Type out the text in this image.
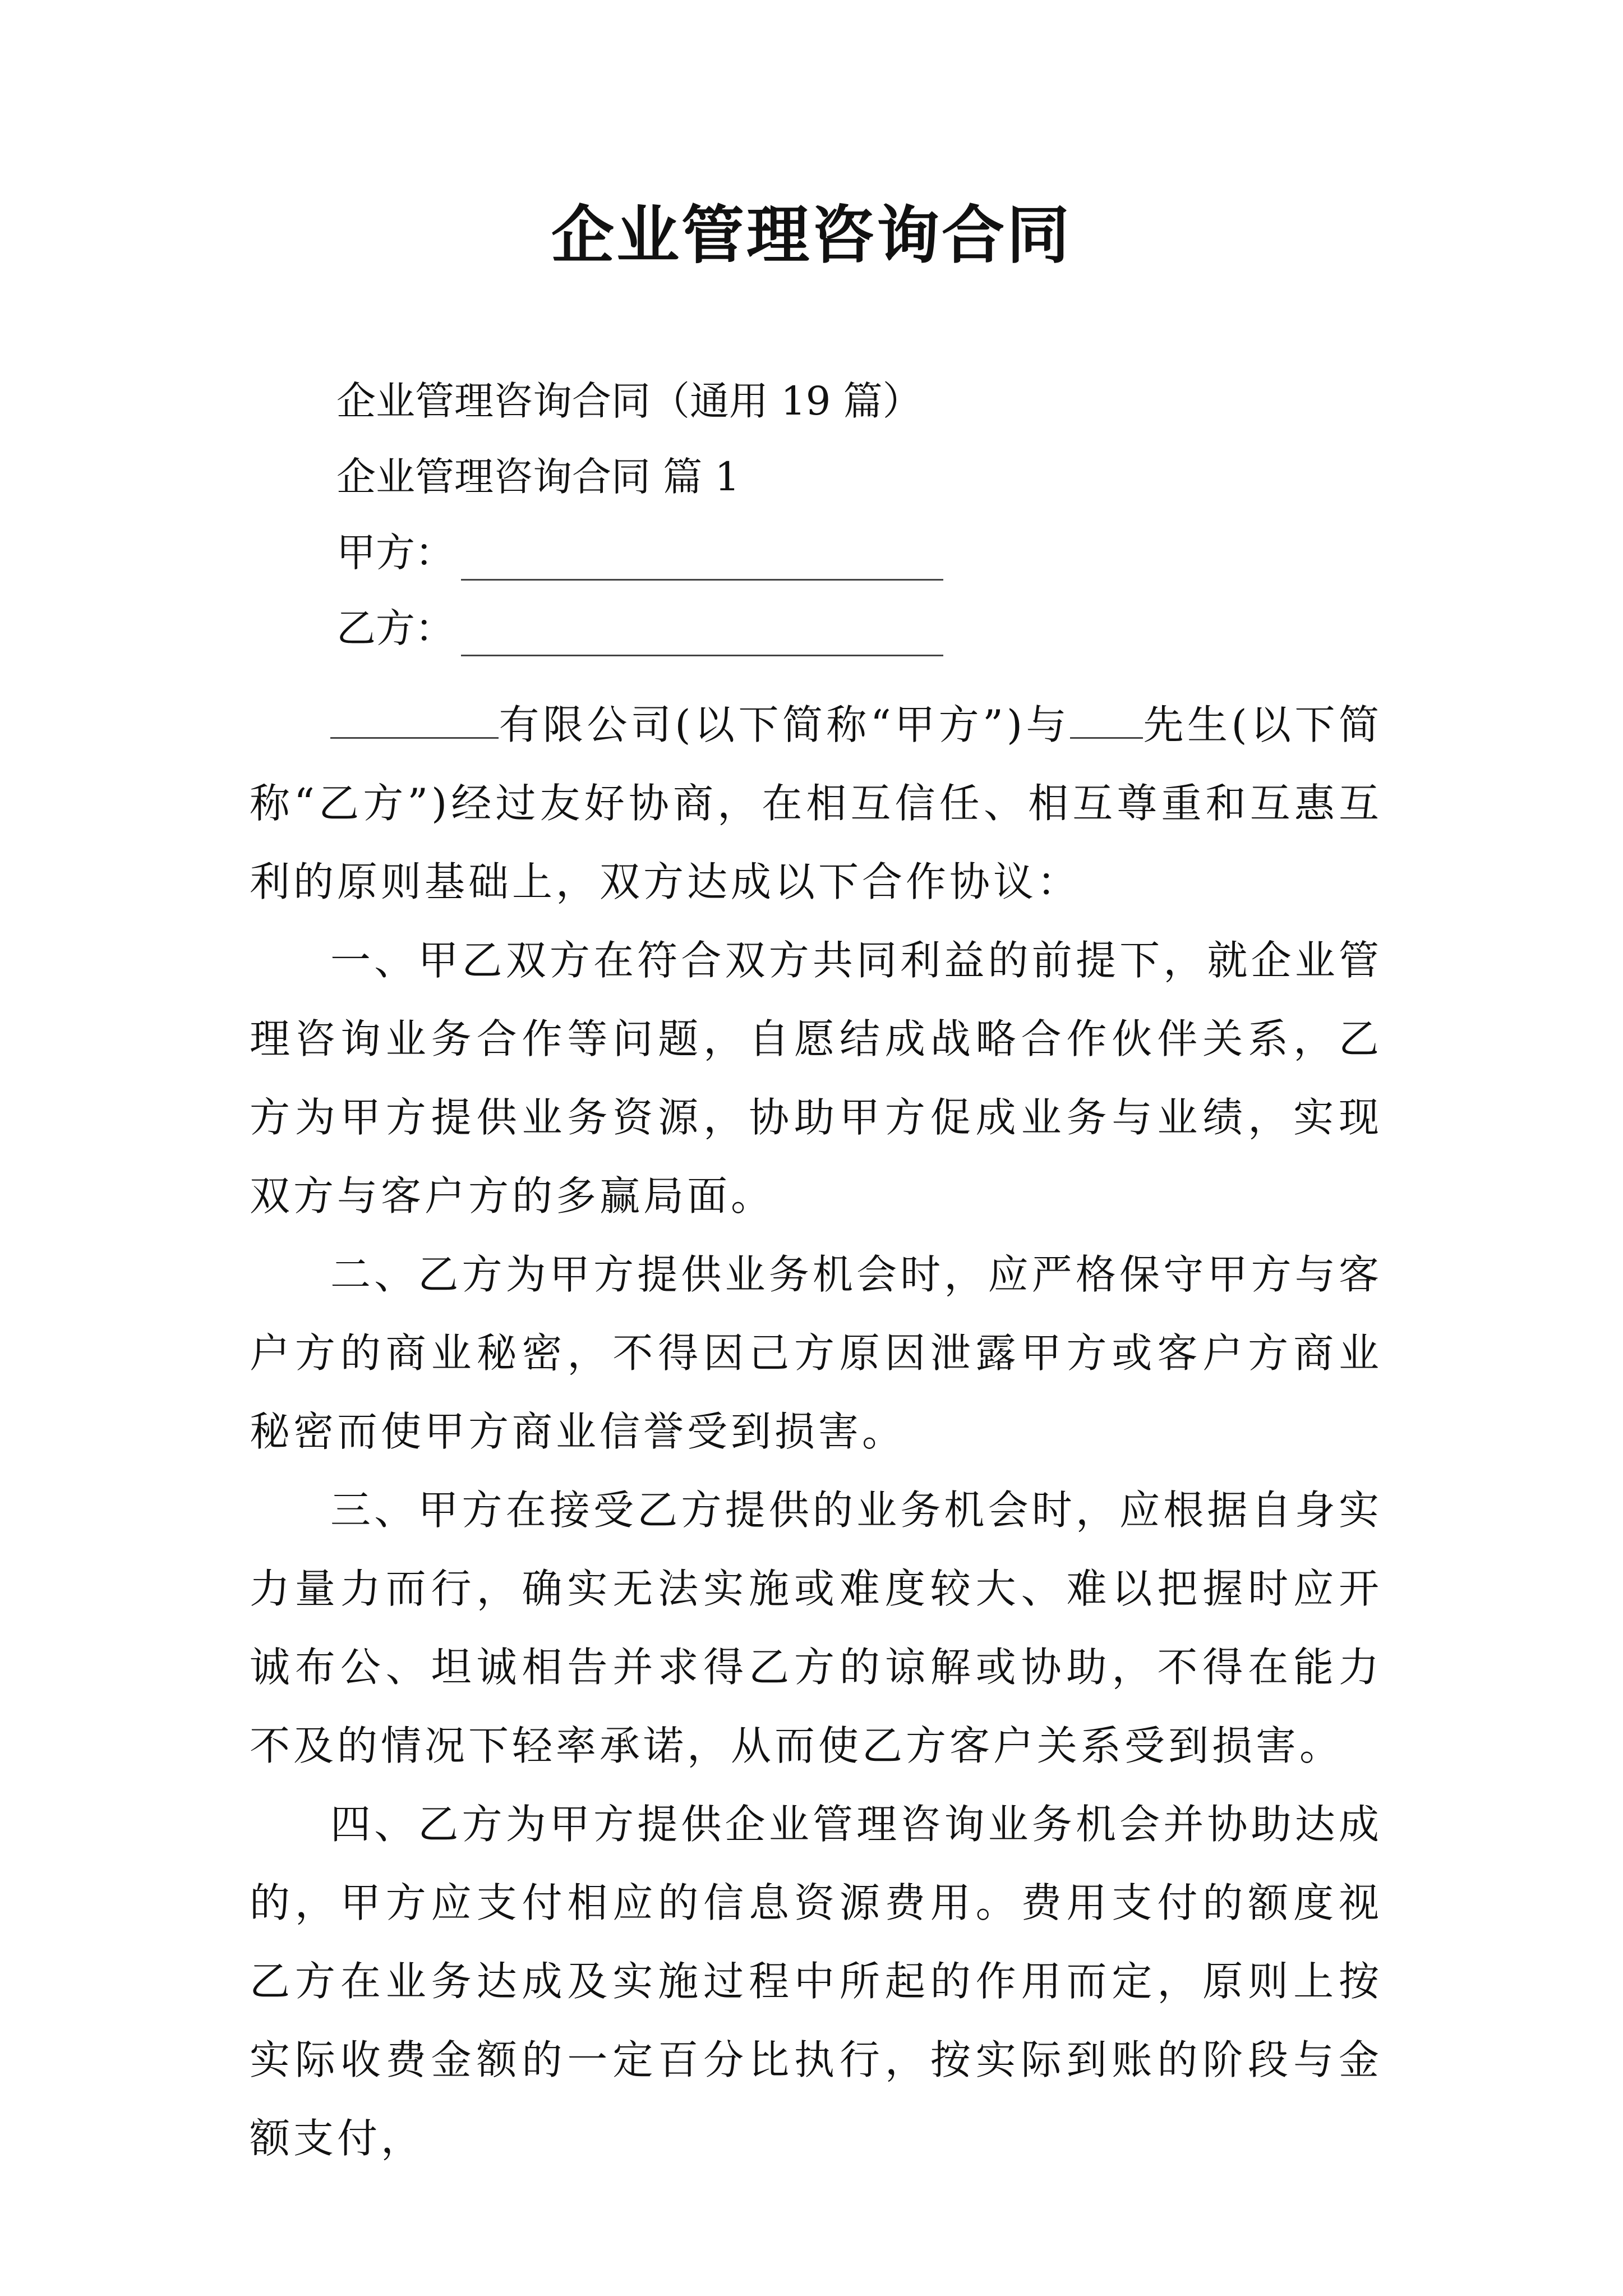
企业管理咨询合同
企业管理咨询合同（通用 19 篇）
企业管理咨询合同 篇 1
甲方：
乙方：

有限公司(以下简称“甲方”)与 先生(以下简称“乙方”)经过友好协商，在相互信任、相互尊重和互惠互利的原则基础上，双方达成以下合作协议：

一、甲乙双方在符合双方共同利益的前提下，就企业管理咨询业务合作等问题，自愿结成战略合作伙伴关系，乙方为甲方提供业务资源，协助甲方促成业务与业绩，实现双方与客户方的多赢局面。

二、乙方为甲方提供业务机会时，应严格保守甲方与客户方的商业秘密，不得因己方原因泄露甲方或客户方商业秘密而使甲方商业信誉受到损害。

三、甲方在接受乙方提供的业务机会时，应根据自身实力量力而行，确实无法实施或难度较大、难以把握时应开诚布公、坦诚相告并求得乙方的谅解或协助，不得在能力不及的情况下轻率承诺，从而使乙方客户关系受到损害。

四、乙方为甲方提供企业管理咨询业务机会并协助达成的，甲方应支付相应的信息资源费用。费用支付的额度视乙方在业务达成及实施过程中所起的作用而定，原则上按实际收费金额的一定百分比执行，按实际到账的阶段与金额支付，
